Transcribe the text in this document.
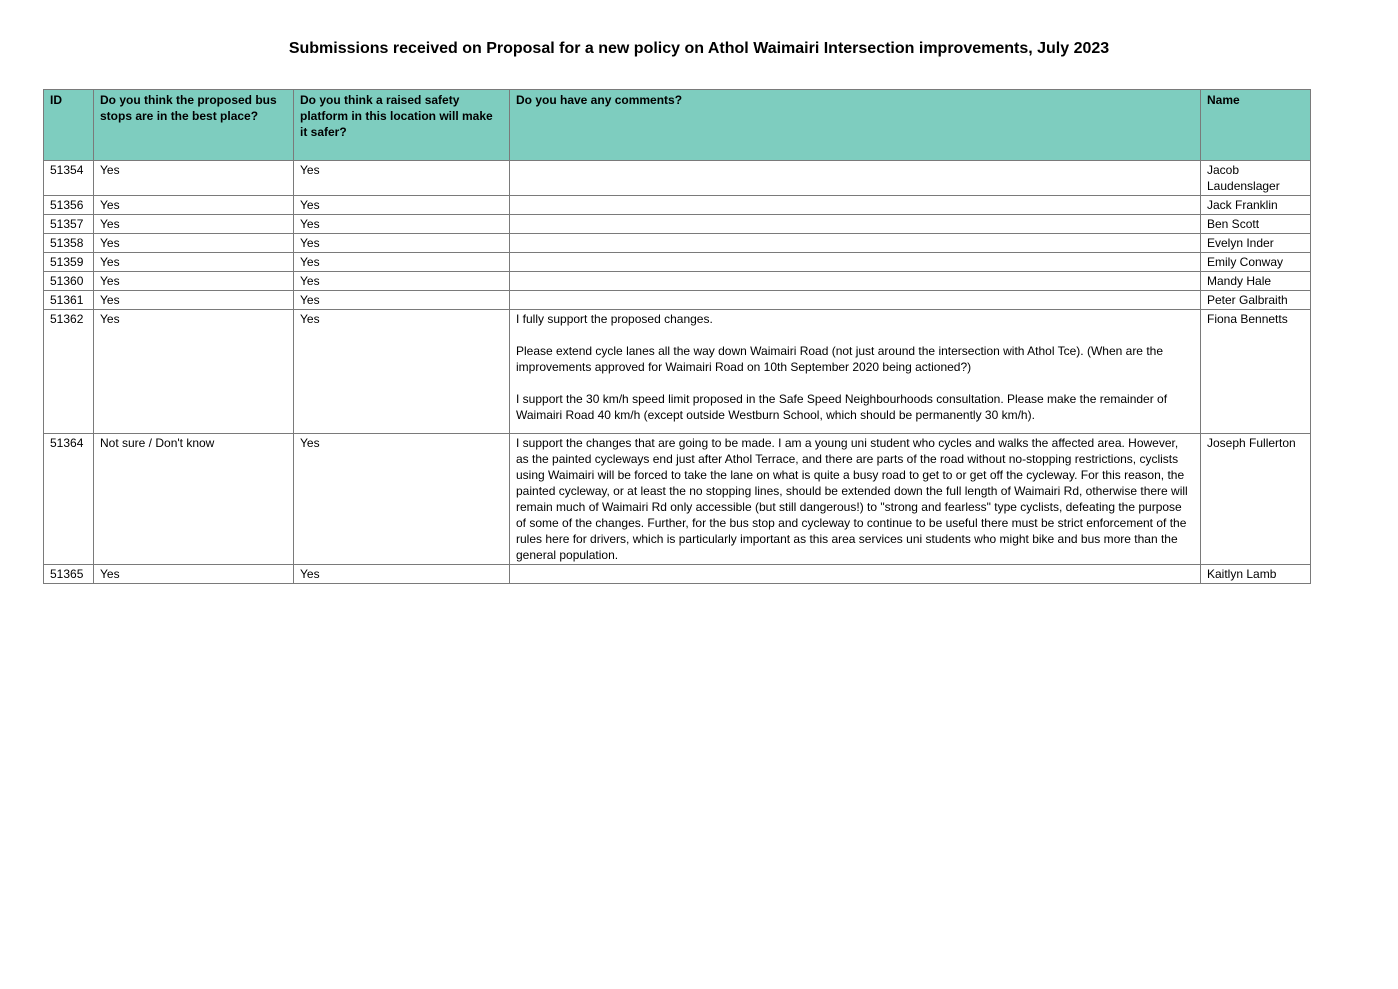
Submissions received on Proposal for a new policy on Athol Waimairi Intersection improvements, July 2023
ID	Do you think the proposed bus stops are in the best place?	Do you think a raised safety platform in this location will make it safer?	Do you have any comments?	Name
51354	Yes	Yes		Jacob Laudenslager
51356	Yes	Yes		Jack Franklin
51357	Yes	Yes		Ben Scott
51358	Yes	Yes		Evelyn Inder
51359	Yes	Yes		Emily Conway
51360	Yes	Yes		Mandy Hale
51361	Yes	Yes		Peter Galbraith
51362	Yes	Yes	I fully support the proposed changes.

Please extend cycle lanes all the way down Waimairi Road (not just around the intersection with Athol Tce). (When are the improvements approved for Waimairi Road on 10th September 2020 being actioned?)

I support the 30 km/h speed limit proposed in the Safe Speed Neighbourhoods consultation. Please make the remainder of Waimairi Road 40 km/h (except outside Westburn School, which should be permanently 30 km/h).	Fiona Bennetts
51364	Not sure / Don't know	Yes	I support the changes that are going to be made. I am a young uni student who cycles and walks the affected area. However, as the painted cycleways end just after Athol Terrace, and there are parts of the road without no-stopping restrictions, cyclists using Waimairi will be forced to take the lane on what is quite a busy road to get to or get off the cycleway. For this reason, the painted cycleway, or at least the no stopping lines, should be extended down the full length of Waimairi Rd, otherwise there will remain much of Waimairi Rd only accessible (but still dangerous!) to "strong and fearless" type cyclists, defeating the purpose of some of the changes. Further, for the bus stop and cycleway to continue to be useful there must be strict enforcement of the rules here for drivers, which is particularly important as this area services uni students who might bike and bus more than the general population.	Joseph Fullerton
51365	Yes	Yes		Kaitlyn Lamb
